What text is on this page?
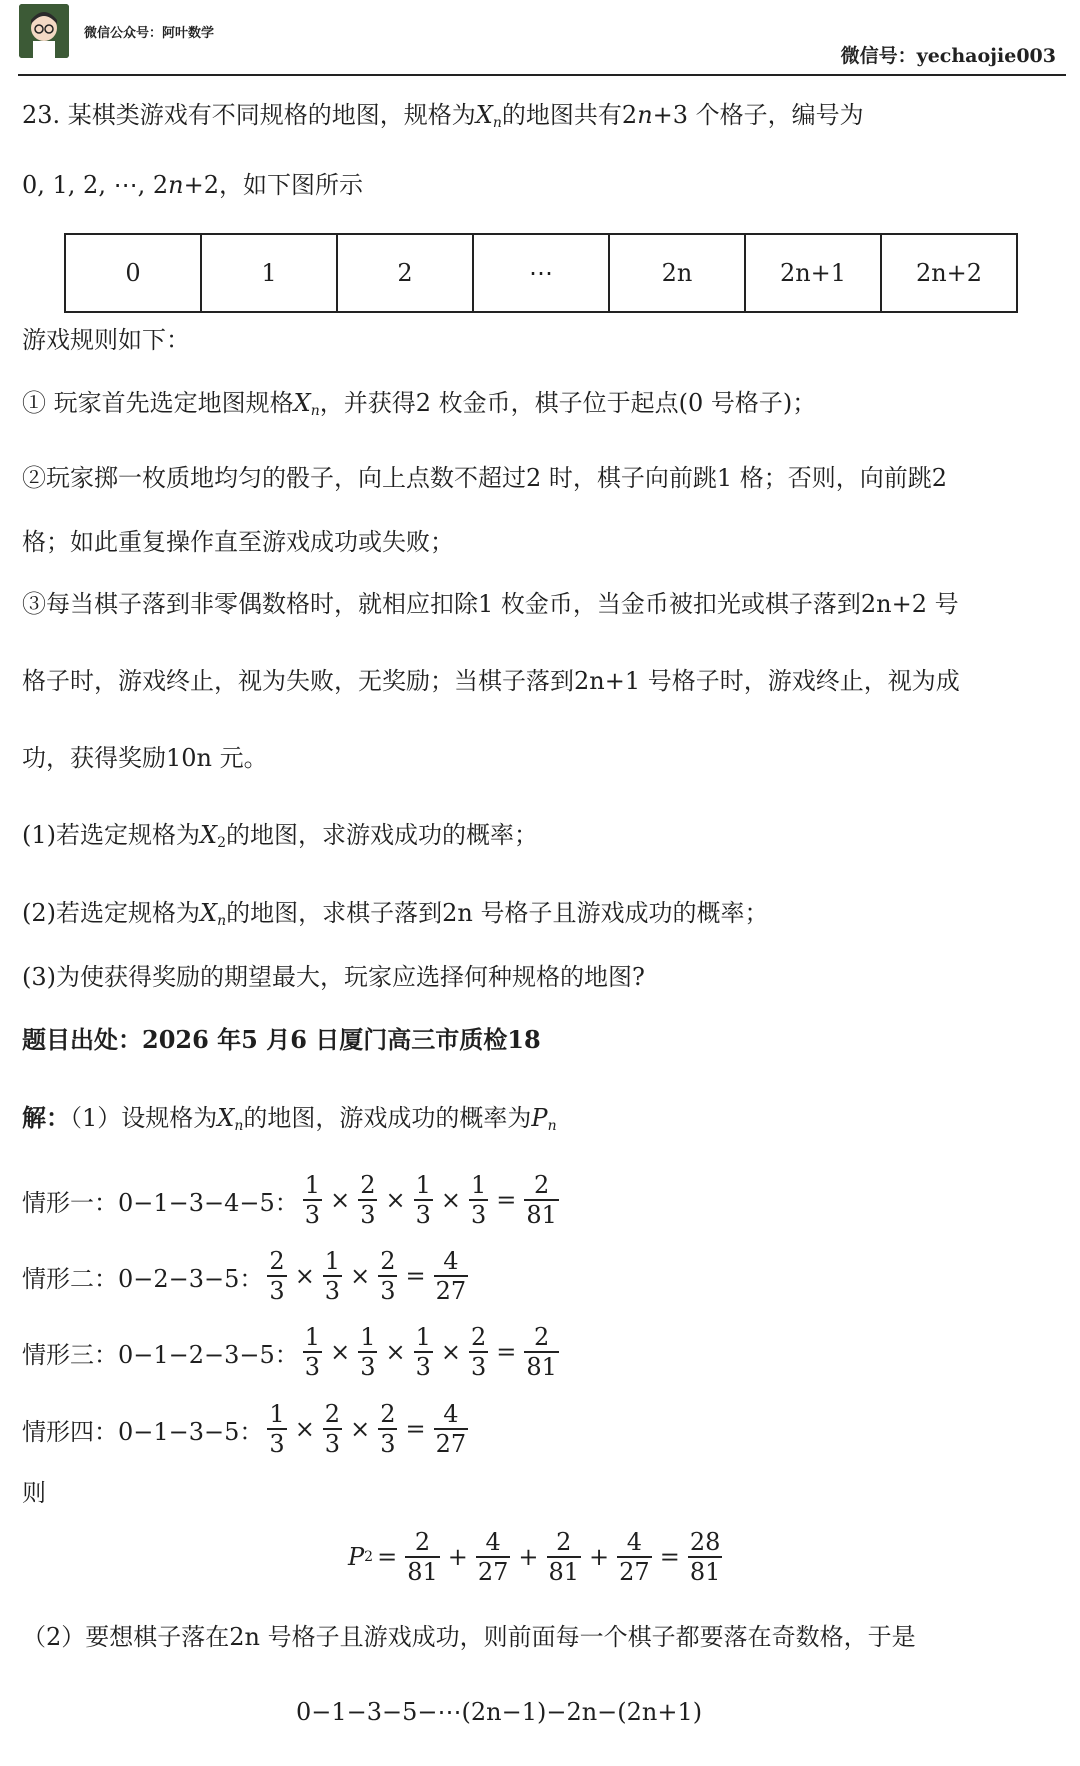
微信公众号：阿叶数学
微信号：yechaojie003
23. 某棋类游戏有不同规格的地图，规格为$X_n$的地图共有2n+3 个格子，编号为
0, 1, 2, ⋯, 2n+2，如下图所示
0	1	2	⋯	2n	2n+1	2n+2
游戏规则如下：
① 玩家首先选定地图规格$X_n$，并获得2 枚金币，棋子位于起点(0 号格子)；
②玩家掷一枚质地均匀的骰子，向上点数不超过2 时，棋子向前跳1 格；否则，向前跳2
格；如此重复操作直至游戏成功或失败；
③每当棋子落到非零偶数格时，就相应扣除1 枚金币，当金币被扣光或棋子落到2n+2 号
格子时，游戏终止，视为失败，无奖励；当棋子落到2n+1 号格子时，游戏终止，视为成
功，获得奖励10n 元。
(1)若选定规格为$X_2$的地图，求游戏成功的概率；
(2)若选定规格为$X_n$的地图，求棋子落到2n 号格子且游戏成功的概率；
(3)为使获得奖励的期望最大，玩家应选择何种规格的地图?
题目出处：2026 年5 月6 日厦门高三市质检18
解：（1）设规格为$X_n$的地图，游戏成功的概率为$P_n$
情形一：0−1−3−4−5： $\frac{1}{3} \times \frac{2}{3} \times \frac{1}{3} \times \frac{1}{3} = \frac{2}{81}$
情形二：0−2−3−5： $\frac{2}{3} \times \frac{1}{3} \times \frac{2}{3} = \frac{4}{27}$
情形三：0−1−2−3−5： $\frac{1}{3} \times \frac{1}{3} \times \frac{1}{3} \times \frac{2}{3} = \frac{2}{81}$
情形四：0−1−3−5： $\frac{1}{3} \times \frac{2}{3} \times \frac{2}{3} = \frac{4}{27}$
则
P $2 = \frac{2}{81} + \frac{4}{27} + \frac{2}{81} + \frac{4}{27} = \frac{28}{81}$
（2）要想棋子落在2n 号格子且游戏成功，则前面每一个棋子都要落在奇数格，于是
0−1−3−5−⋯(2n−1)−2n−(2n+1)
